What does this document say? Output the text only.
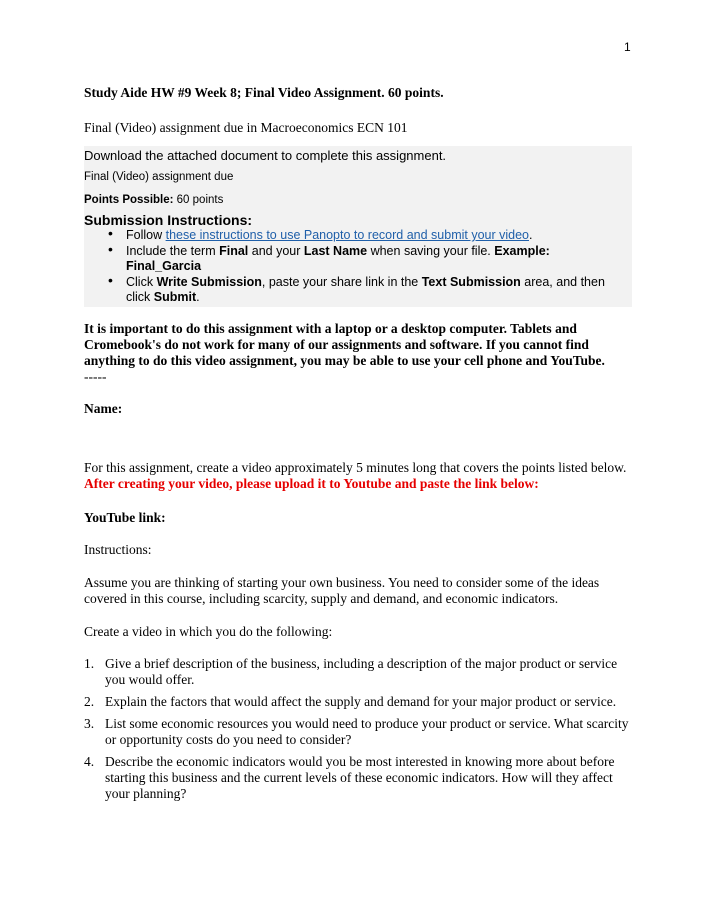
1

Study Aide HW #9 Week 8; Final Video Assignment. 60 points.

Final (Video) assignment due in Macroeconomics ECN 101

Download the attached document to complete this assignment.
Final (Video) assignment due
Points Possible: 60 points
Submission Instructions:
• Follow these instructions to use Panopto to record and submit your video.
• Include the term Final and your Last Name when saving your file. Example: Final_Garcia
• Click Write Submission, paste your share link in the Text Submission area, and then click Submit.

It is important to do this assignment with a laptop or a desktop computer. Tablets and Cromebook's do not work for many of our assignments and software. If you cannot find anything to do this video assignment, you may be able to use your cell phone and YouTube.

-----

Name:

For this assignment, create a video approximately 5 minutes long that covers the points listed below. After creating your video, please upload it to Youtube and paste the link below:

YouTube link:

Instructions:

Assume you are thinking of starting your own business. You need to consider some of the ideas covered in this course, including scarcity, supply and demand, and economic indicators.

Create a video in which you do the following:

1. Give a brief description of the business, including a description of the major product or service you would offer.
2. Explain the factors that would affect the supply and demand for your major product or service.
3. List some economic resources you would need to produce your product or service. What scarcity or opportunity costs do you need to consider?
4. Describe the economic indicators would you be most interested in knowing more about before starting this business and the current levels of these economic indicators. How will they affect your planning?
